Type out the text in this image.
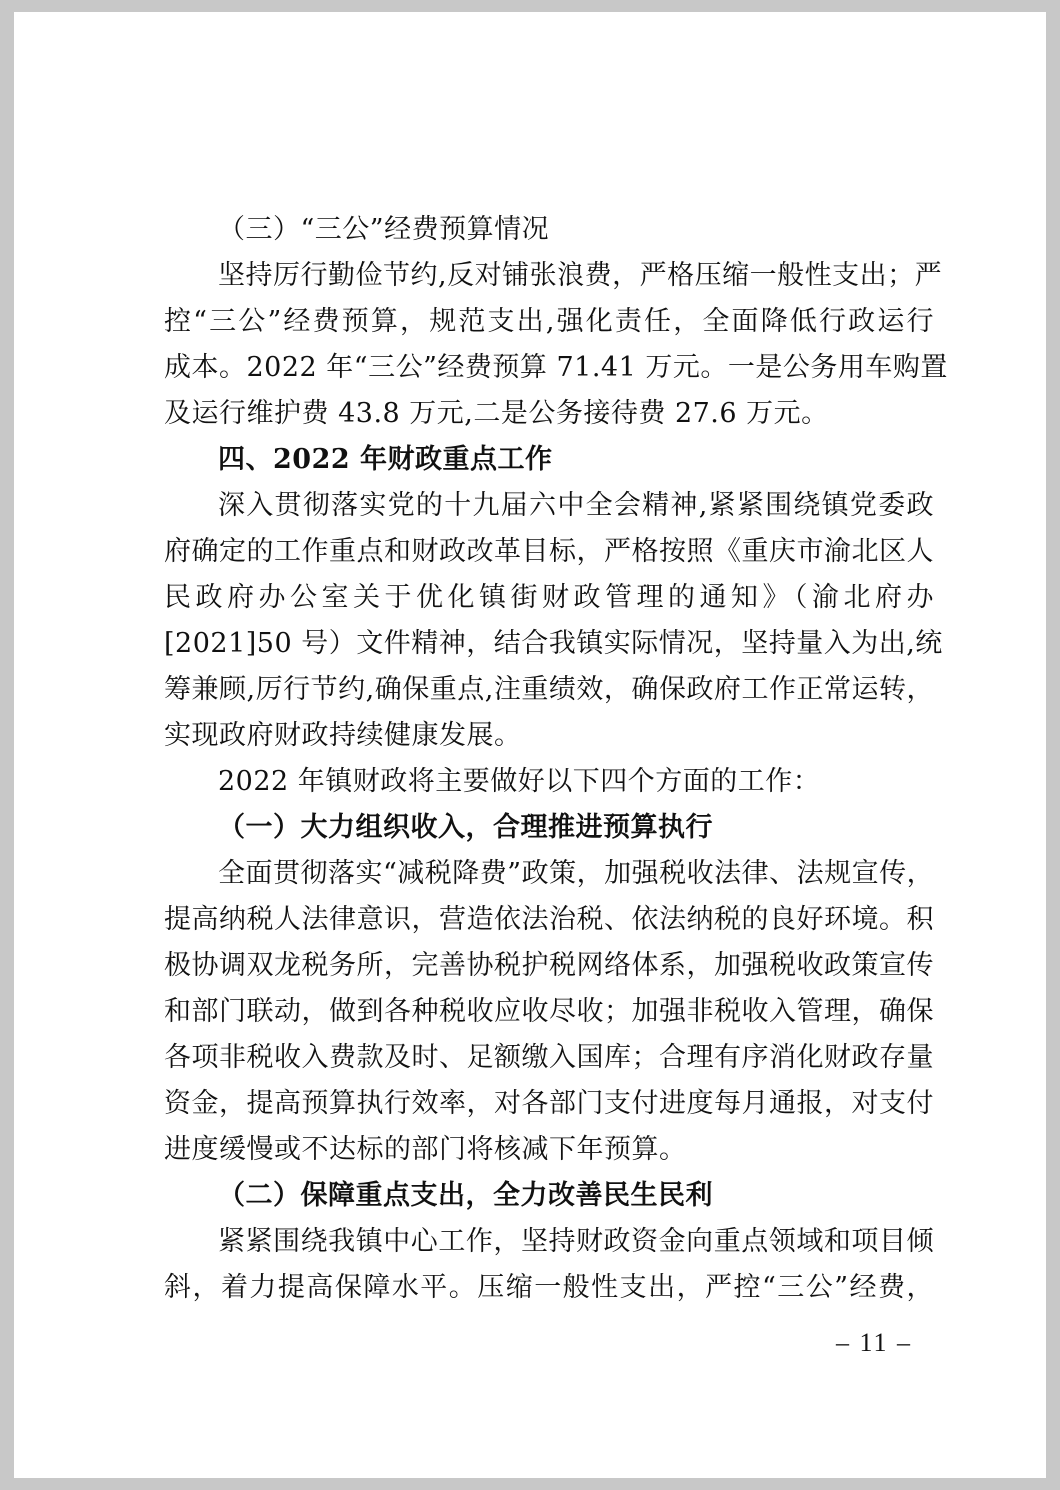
（三）“三公”经费预算情况
坚持厉行勤俭节约,反对铺张浪费，严格压缩一般性支出；严
控“三公”经费预算，规范支出,强化责任，全面降低行政运行
成本。2022 年“三公”经费预算 71.41 万元。一是公务用车购置
及运行维护费 43.8 万元,二是公务接待费 27.6 万元。
四、2022 年财政重点工作
深入贯彻落实党的十九届六中全会精神,紧紧围绕镇党委政
府确定的工作重点和财政改革目标，严格按照《重庆市渝北区人
民政府办公室关于优化镇街财政管理的通知》（渝北府办
[2021]50 号）文件精神，结合我镇实际情况，坚持量入为出,统
筹兼顾,厉行节约,确保重点,注重绩效，确保政府工作正常运转，
实现政府财政持续健康发展。
2022 年镇财政将主要做好以下四个方面的工作：
（一）大力组织收入，合理推进预算执行
全面贯彻落实“减税降费”政策，加强税收法律、法规宣传，
提高纳税人法律意识，营造依法治税、依法纳税的良好环境。积
极协调双龙税务所，完善协税护税网络体系，加强税收政策宣传
和部门联动，做到各种税收应收尽收；加强非税收入管理，确保
各项非税收入费款及时、足额缴入国库；合理有序消化财政存量
资金，提高预算执行效率，对各部门支付进度每月通报，对支付
进度缓慢或不达标的部门将核减下年预算。
（二）保障重点支出，全力改善民生民利
紧紧围绕我镇中心工作，坚持财政资金向重点领域和项目倾
斜，着力提高保障水平。压缩一般性支出，严控“三公”经费，
– 11 –
